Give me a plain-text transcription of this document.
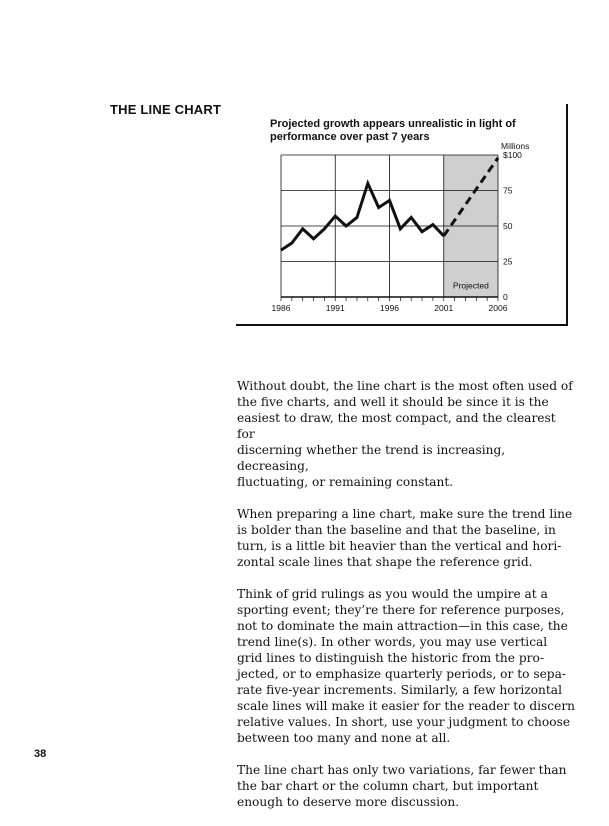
THE LINE CHART
Projected growth appears unrealistic in light of performance over past 7 years
1986	1991	1996	2001	2006
$100
75
50
25
0
Millions
Projected

Without doubt, the line chart is the most often used of
the five charts, and well it should be since it is the
easiest to draw, the most compact, and the clearest for
discerning whether the trend is increasing, decreasing,
fluctuating, or remaining constant.

When preparing a line chart, make sure the trend line
is bolder than the baseline and that the baseline, in
turn, is a little bit heavier than the vertical and hori-
zontal scale lines that shape the reference grid.

Think of grid rulings as you would the umpire at a
sporting event; they’re there for reference purposes,
not to dominate the main attraction—in this case, the
trend line(s). In other words, you may use vertical
grid lines to distinguish the historic from the pro-
jected, or to emphasize quarterly periods, or to sepa-
rate five-year increments. Similarly, a few horizontal
scale lines will make it easier for the reader to discern
relative values. In short, use your judgment to choose
between too many and none at all.

The line chart has only two variations, far fewer than
the bar chart or the column chart, but important
enough to deserve more discussion.

38
